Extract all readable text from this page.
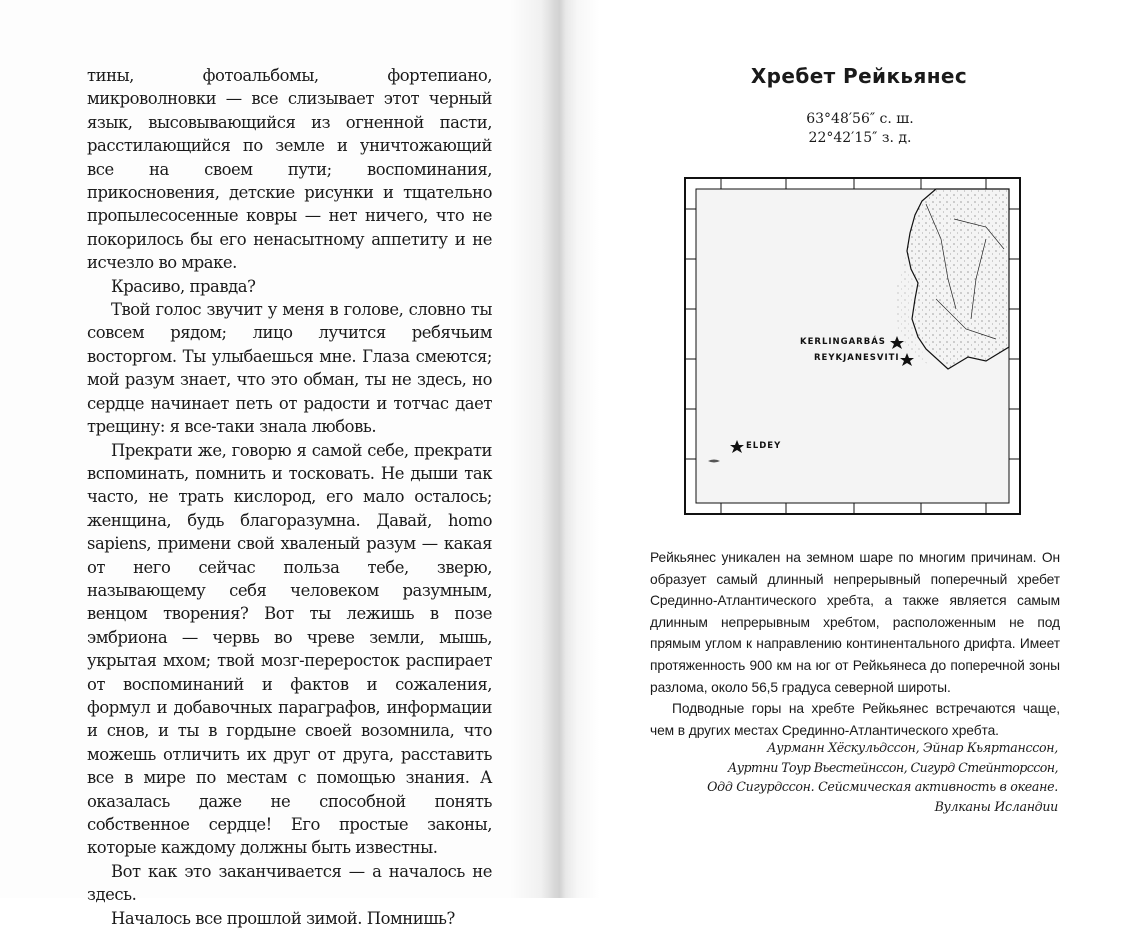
тины, фотоальбомы, фортепиано, микроволновки — все слизывает этот черный язык, высовывающийся из огненной пасти, расстилающийся по земле и уничтожающий все на своем пути; воспоминания, прикосновения, детские рисунки и тщательно пропылесосенные ковры — нет ничего, что не покорилось бы его ненасытному аппетиту и не исчезло во мраке.

Красиво, правда?

Твой голос звучит у меня в голове, словно ты совсем рядом; лицо лучится ребячьим восторгом. Ты улыбаешься мне. Глаза смеются; мой разум знает, что это обман, ты не здесь, но сердце начинает петь от радости и тотчас дает трещину: я все-таки знала любовь.

Прекрати же, говорю я самой себе, прекрати вспоминать, помнить и тосковать. Не дыши так часто, не трать кислород, его мало осталось; женщина, будь благоразумна. Давай, homo sapiens, примени свой хваленый разум — какая от него сейчас польза тебе, зверю, называющему себя человеком разумным, венцом творения? Вот ты лежишь в позе эмбриона — червь во чреве земли, мышь, укрытая мхом; твой мозг-переросток распирает от воспоминаний и фактов и сожаления, формул и добавочных параграфов, информации и снов, и ты в гордыне своей возомнила, что можешь отличить их друг от друга, расставить все в мире по местам с помощью знания. А оказалась даже не способной понять собственное сердце! Его простые законы, которые каждому должны быть известны.

Вот как это заканчивается — а началось не здесь.

Началось все прошлой зимой. Помнишь?

Хребет Рейкьянес
63°48′56″ с. ш.
22°42′15″ з. д.
KERLINGARBÁS
REYKJANESVITI
ELDEY

Рейкьянес уникален на земном шаре по многим причинам. Он образует самый длинный непрерывный поперечный хребет Срединно-Атлантического хребта, а также является самым длинным непрерывным хребтом, расположенным не под прямым углом к направлению континентального дрифта. Имеет протяженность 900 км на юг от Рейкьянеса до поперечной зоны разлома, около 56,5 градуса северной широты.

Подводные горы на хребте Рейкьянес встречаются чаще, чем в других местах Срединно-Атлантического хребта.

Аурманн Хёскульдссон, Эйнар Кьяртанссон,
Ауртни Тоур Вьестейнссон, Сигурд Стейнторссон,
Одд Сигурдссон. Сейсмическая активность в океане.
Вулканы Исландии
